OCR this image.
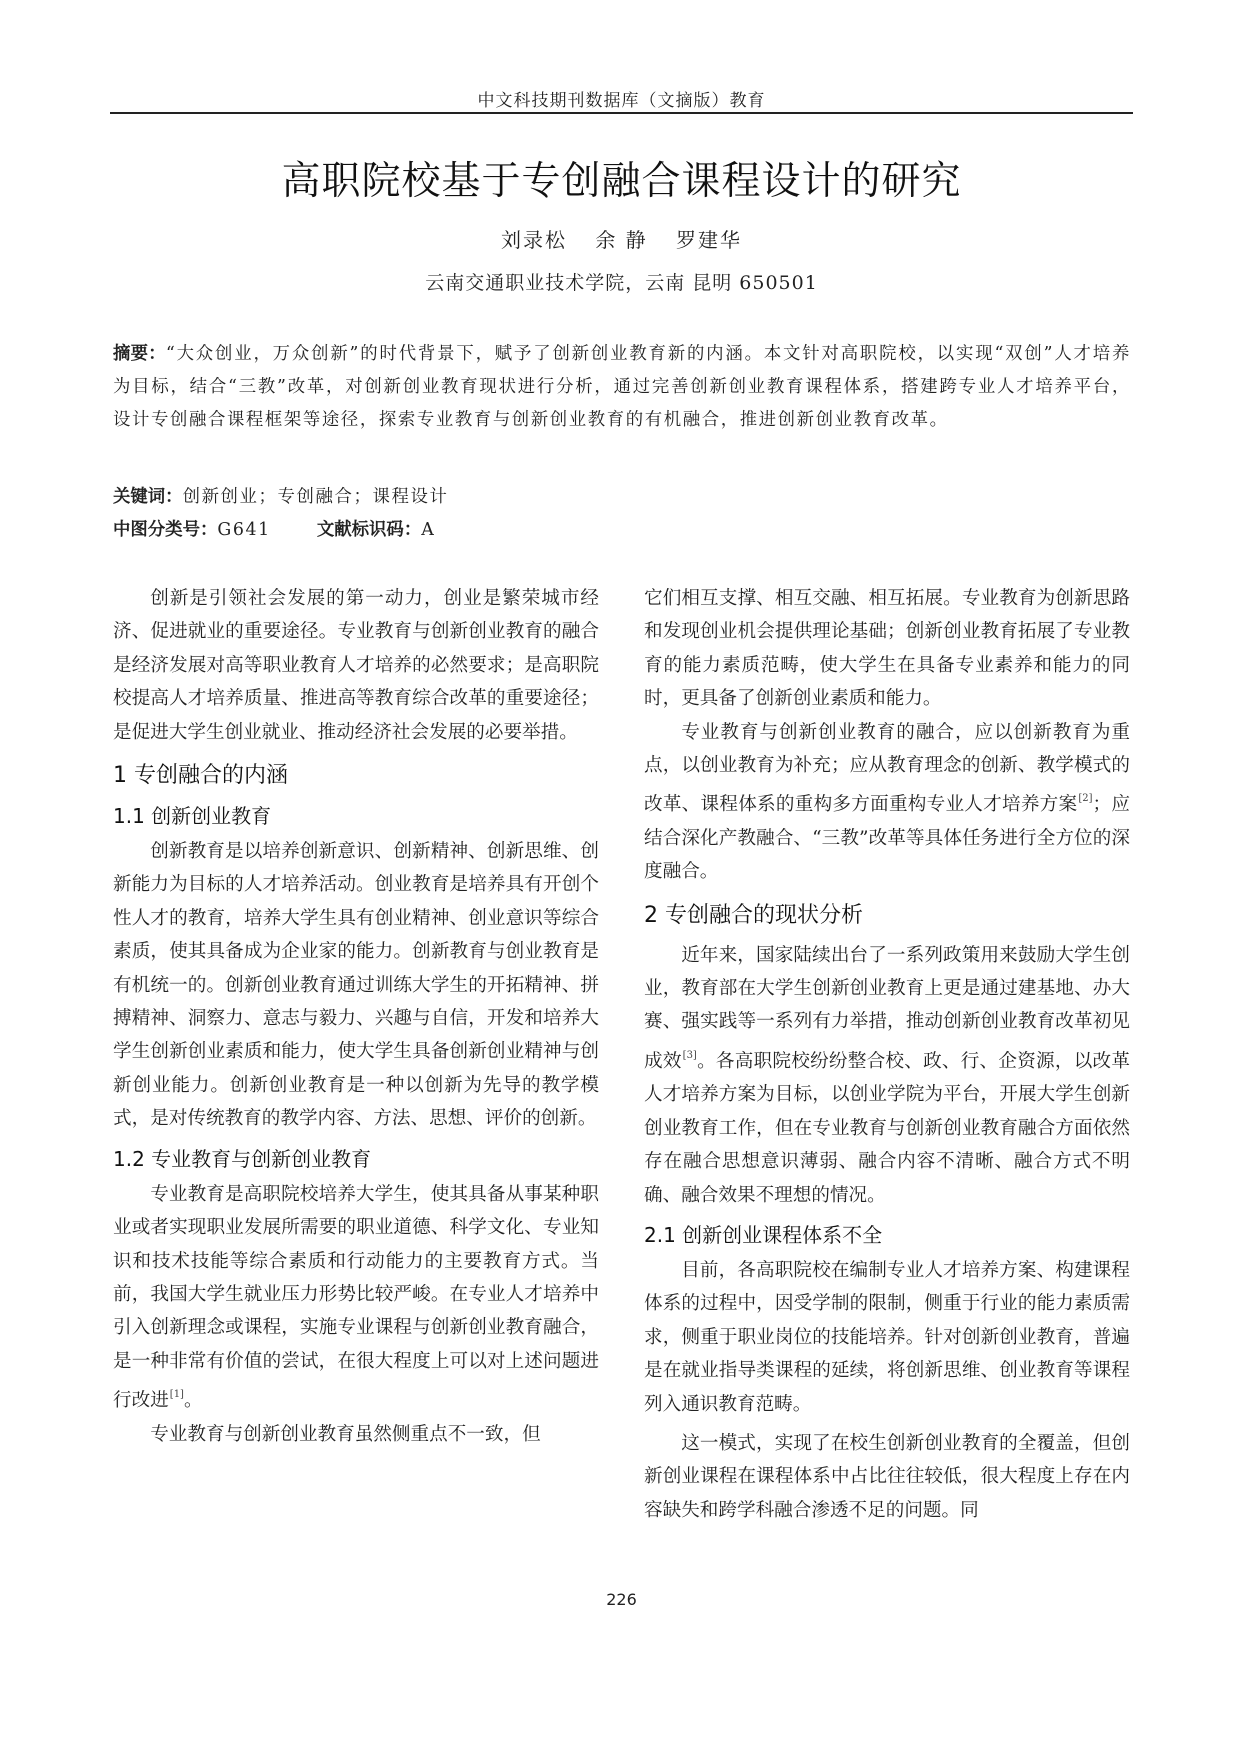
中文科技期刊数据库（文摘版）教育
高职院校基于专创融合课程设计的研究
刘录松 余 静 罗建华
云南交通职业技术学院，云南 昆明 650501
摘要：“大众创业，万众创新”的时代背景下，赋予了创新创业教育新的内涵。本文针对高职院校，以实现“双创”人才培养为目标，结合“三教”改革，对创新创业教育现状进行分析，通过完善创新创业教育课程体系，搭建跨专业人才培养平台，设计专创融合课程框架等途径，探索专业教育与创新创业教育的有机融合，推进创新创业教育改革。
关键词：创新创业；专创融合；课程设计
中图分类号：G641	文献标识码：A

创新是引领社会发展的第一动力，创业是繁荣城市经济、促进就业的重要途径。专业教育与创新创业教育的融合是经济发展对高等职业教育人才培养的必然要求；是高职院校提高人才培养质量、推进高等教育综合改革的重要途径；是促进大学生创业就业、推动经济社会发展的必要举措。

1 专创融合的内涵
1.1 创新创业教育

创新教育是以培养创新意识、创新精神、创新思维、创新能力为目标的人才培养活动。创业教育是培养具有开创个性人才的教育，培养大学生具有创业精神、创业意识等综合素质，使其具备成为企业家的能力。创新教育与创业教育是有机统一的。创新创业教育通过训练大学生的开拓精神、拼搏精神、洞察力、意志与毅力、兴趣与自信，开发和培养大学生创新创业素质和能力，使大学生具备创新创业精神与创新创业能力。创新创业教育是一种以创新为先导的教学模式，是对传统教育的教学内容、方法、思想、评价的创新。

1.2 专业教育与创新创业教育

专业教育是高职院校培养大学生，使其具备从事某种职业或者实现职业发展所需要的职业道德、科学文化、专业知识和技术技能等综合素质和行动能力的主要教育方式。当前，我国大学生就业压力形势比较严峻。在专业人才培养中引入创新理念或课程，实施专业课程与创新创业教育融合，是一种非常有价值的尝试，在很大程度上可以对上述问题进行改进[1]。

专业教育与创新创业教育虽然侧重点不一致，但

它们相互支撑、相互交融、相互拓展。专业教育为创新思路和发现创业机会提供理论基础；创新创业教育拓展了专业教育的能力素质范畴，使大学生在具备专业素养和能力的同时，更具备了创新创业素质和能力。

专业教育与创新创业教育的融合，应以创新教育为重点，以创业教育为补充；应从教育理念的创新、教学模式的改革、课程体系的重构多方面重构专业人才培养方案[2]；应结合深化产教融合、“三教”改革等具体任务进行全方位的深度融合。

2 专创融合的现状分析

近年来，国家陆续出台了一系列政策用来鼓励大学生创业，教育部在大学生创新创业教育上更是通过建基地、办大赛、强实践等一系列有力举措，推动创新创业教育改革初见成效[3]。各高职院校纷纷整合校、政、行、企资源，以改革人才培养方案为目标，以创业学院为平台，开展大学生创新创业教育工作，但在专业教育与创新创业教育融合方面依然存在融合思想意识薄弱、融合内容不清晰、融合方式不明确、融合效果不理想的情况。

2.1 创新创业课程体系不全

目前，各高职院校在编制专业人才培养方案、构建课程体系的过程中，因受学制的限制，侧重于行业的能力素质需求，侧重于职业岗位的技能培养。针对创新创业教育，普遍是在就业指导类课程的延续，将创新思维、创业教育等课程列入通识教育范畴。

这一模式，实现了在校生创新创业教育的全覆盖，但创新创业课程在课程体系中占比往往较低，很大程度上存在内容缺失和跨学科融合渗透不足的问题。同

226
